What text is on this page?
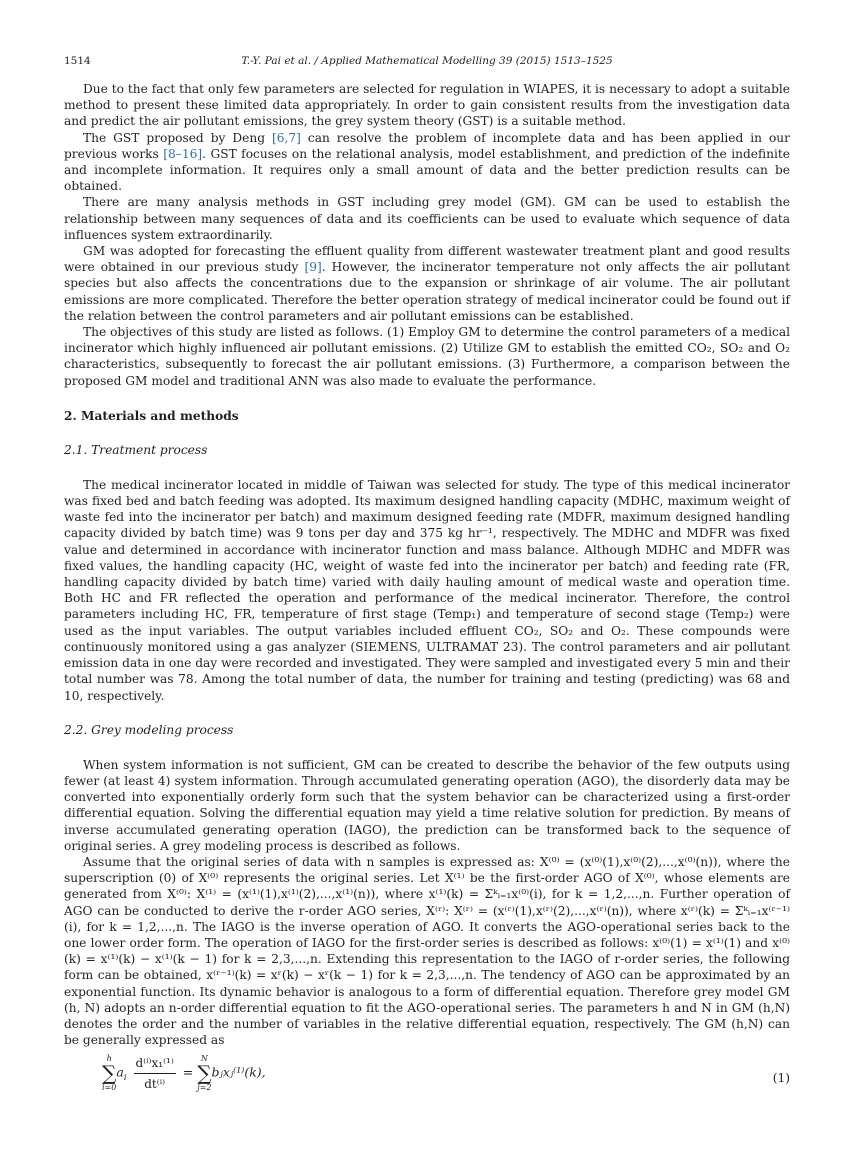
1514	T.-Y. Pai et al. / Applied Mathematical Modelling 39 (2015) 1513–1525

Due to the fact that only few parameters are selected for regulation in WIAPES, it is necessary to adopt a suitable method to present these limited data appropriately. In order to gain consistent results from the investigation data and predict the air pollutant emissions, the grey system theory (GST) is a suitable method.

The GST proposed by Deng [6,7] can resolve the problem of incomplete data and has been applied in our previous works [8–16]. GST focuses on the relational analysis, model establishment, and prediction of the indefinite and incomplete information. It requires only a small amount of data and the better prediction results can be obtained.

There are many analysis methods in GST including grey model (GM). GM can be used to establish the relationship between many sequences of data and its coefficients can be used to evaluate which sequence of data influences system extraordinarily.

GM was adopted for forecasting the effluent quality from different wastewater treatment plant and good results were obtained in our previous study [9]. However, the incinerator temperature not only affects the air pollutant species but also affects the concentrations due to the expansion or shrinkage of air volume. The air pollutant emissions are more complicated. Therefore the better operation strategy of medical incinerator could be found out if the relation between the control parameters and air pollutant emissions can be established.

The objectives of this study are listed as follows. (1) Employ GM to determine the control parameters of a medical incinerator which highly influenced air pollutant emissions. (2) Utilize GM to establish the emitted CO₂, SO₂ and O₂ characteristics, subsequently to forecast the air pollutant emissions. (3) Furthermore, a comparison between the proposed GM model and traditional ANN was also made to evaluate the performance.

2. Materials and methods
2.1. Treatment process

The medical incinerator located in middle of Taiwan was selected for study. The type of this medical incinerator was fixed bed and batch feeding was adopted. Its maximum designed handling capacity (MDHC, maximum weight of waste fed into the incinerator per batch) and maximum designed feeding rate (MDFR, maximum designed handling capacity divided by batch time) was 9 tons per day and 375 kg hr⁻¹, respectively. The MDHC and MDFR was fixed value and determined in accordance with incinerator function and mass balance. Although MDHC and MDFR was fixed values, the handling capacity (HC, weight of waste fed into the incinerator per batch) and feeding rate (FR, handling capacity divided by batch time) varied with daily hauling amount of medical waste and operation time. Both HC and FR reflected the operation and performance of the medical incinerator. Therefore, the control parameters including HC, FR, temperature of first stage (Temp₁) and temperature of second stage (Temp₂) were used as the input variables. The output variables included effluent CO₂, SO₂ and O₂. These compounds were continuously monitored using a gas analyzer (SIEMENS, ULTRAMAT 23). The control parameters and air pollutant emission data in one day were recorded and investigated. They were sampled and investigated every 5 min and their total number was 78. Among the total number of data, the number for training and testing (predicting) was 68 and 10, respectively.

2.2. Grey modeling process

When system information is not sufficient, GM can be created to describe the behavior of the few outputs using fewer (at least 4) system information. Through accumulated generating operation (AGO), the disorderly data may be converted into exponentially orderly form such that the system behavior can be characterized using a first-order differential equation. Solving the differential equation may yield a time relative solution for prediction. By means of inverse accumulated generating operation (IAGO), the prediction can be transformed back to the sequence of original series. A grey modeling process is described as follows.

Assume that the original series of data with n samples is expressed as: X⁽⁰⁾ = (x⁽⁰⁾(1),x⁽⁰⁾(2),...,x⁽⁰⁾(n)), where the superscription (0) of X⁽⁰⁾ represents the original series. Let X⁽¹⁾ be the first-order AGO of X⁽⁰⁾, whose elements are generated from X⁽⁰⁾: X⁽¹⁾ = (x⁽¹⁾(1),x⁽¹⁾(2),...,x⁽¹⁾(n)), where x⁽¹⁾(k) = Σᵏᵢ₌₁x⁽⁰⁾(i), for k = 1,2,...,n. Further operation of AGO can be conducted to derive the r-order AGO series, X⁽ʳ⁾: X⁽ʳ⁾ = (x⁽ʳ⁾(1),x⁽ʳ⁾(2),...,x⁽ʳ⁾(n)), where x⁽ʳ⁾(k) = Σᵏᵢ₌₁x⁽ʳ⁻¹⁾(i), for k = 1,2,...,n. The IAGO is the inverse operation of AGO. It converts the AGO-operational series back to the one lower order form. The operation of IAGO for the first-order series is described as follows: x⁽⁰⁾(1) = x⁽¹⁾(1) and x⁽⁰⁾(k) = x⁽¹⁾(k) − x⁽¹⁾(k − 1) for k = 2,3,...,n. Extending this representation to the IAGO of r-order series, the following form can be obtained, x⁽ʳ⁻¹⁾(k) = xʳ(k) − xʳ(k − 1) for k = 2,3,...,n. The tendency of AGO can be approximated by an exponential function. Its dynamic behavior is analogous to a form of differential equation. Therefore grey model GM (h, N) adopts an n-order differential equation to fit the AGO-operational series. The parameters h and N in GM (h,N) denotes the order and the number of variables in the relative differential equation, respectively. The GM (h,N) can be generally expressed as

h
∑
i=0
$a_i \frac{\text{d⁽ⁱ⁾x₁⁽¹⁾}}{\text{dt⁽ⁱ⁾}}$ =
N
∑
j=2
bⱼxⱼ⁽¹⁾(k),	(1)
